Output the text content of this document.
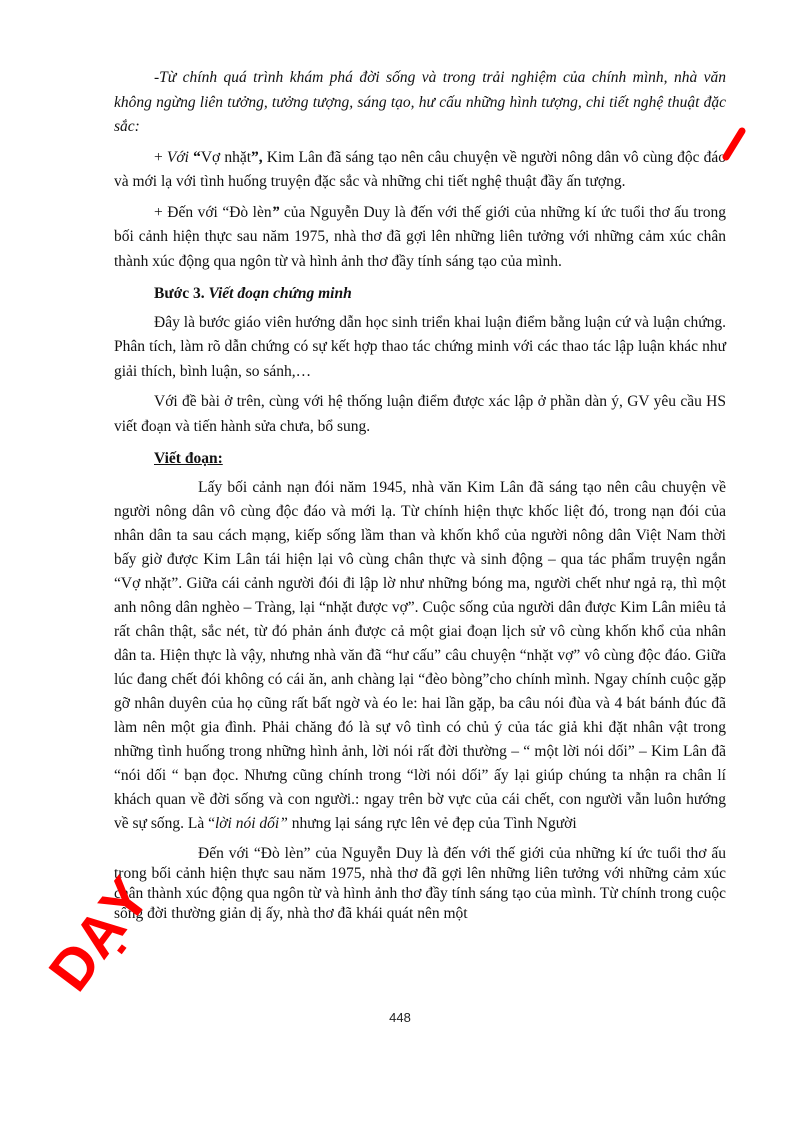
-Từ chính quá trình khám phá đời sống và trong trải nghiệm của chính mình, nhà văn không ngừng liên tưởng, tưởng tượng, sáng tạo, hư cấu những hình tượng, chi tiết nghệ thuật đặc sắc:

+ Với “Vợ nhặt”, Kim Lân đã sáng tạo nên câu chuyện về người nông dân vô cùng độc đáo và mới lạ với tình huống truyện đặc sắc và những chi tiết nghệ thuật đầy ấn tượng.

+ Đến với “Đò lèn” của Nguyễn Duy là đến với thế giới của những kí ức tuổi thơ ấu trong bối cảnh hiện thực sau năm 1975, nhà thơ đã gợi lên những liên tưởng với những cảm xúc chân thành xúc động qua ngôn từ và hình ảnh thơ đầy tính sáng tạo của mình.

Bước 3. Viết đoạn chứng minh

Đây là bước giáo viên hướng dẫn học sinh triển khai luận điểm bằng luận cứ và luận chứng. Phân tích, làm rõ dẫn chứng có sự kết hợp thao tác chứng minh với các thao tác lập luận khác như giải thích, bình luận, so sánh,…

Với đề bài ở trên, cùng với hệ thống luận điểm được xác lập ở phần dàn ý, GV yêu cầu HS viết đoạn và tiến hành sửa chưa, bổ sung.

Viết đoạn:

Lấy bối cảnh nạn đói năm 1945, nhà văn Kim Lân đã sáng tạo nên câu chuyện về người nông dân vô cùng độc đáo và mới lạ. Từ chính hiện thực khốc liệt đó, trong nạn đói của nhân dân ta sau cách mạng, kiếp sống lầm than và khốn khổ của người nông dân Việt Nam thời bấy giờ được Kim Lân tái hiện lại vô cùng chân thực và sinh động – qua tác phẩm truyện ngắn “Vợ nhặt”. Giữa cái cảnh người đói đi lập lờ như những bóng ma, người chết như ngả rạ, thì một anh nông dân nghèo – Tràng, lại “nhặt được vợ”. Cuộc sống của người dân được Kim Lân miêu tả rất chân thật, sắc nét, từ đó phản ánh được cả một giai đoạn lịch sử vô cùng khốn khổ của nhân dân ta. Hiện thực là vậy, nhưng nhà văn đã “hư cấu” câu chuyện “nhặt vợ” vô cùng độc đáo. Giữa lúc đang chết đói không có cái ăn, anh chàng lại “đèo bòng”cho chính mình. Ngay chính cuộc gặp gỡ nhân duyên của họ cũng rất bất ngờ và éo le: hai lần gặp, ba câu nói đùa và 4 bát bánh đúc đã làm nên một gia đình. Phải chăng đó là sự vô tình có chủ ý của tác giả khi đặt nhân vật trong những tình huống trong những hình ảnh, lời nói rất đời thường – “ một lời nói dối” – Kim Lân đã “nói dối “ bạn đọc. Nhưng cũng chính trong “lời nói dối” ấy lại giúp chúng ta nhận ra chân lí khách quan về đời sống và con người.: ngay trên bờ vực của cái chết, con người vẫn luôn hướng về sự sống. Là “lời nói dối” nhưng lại sáng rực lên vẻ đẹp của Tình Người

Đến với “Đò lèn” của Nguyễn Duy là đến với thế giới của những kí ức tuổi thơ ấu trong bối cảnh hiện thực sau năm 1975, nhà thơ đã gợi lên những liên tưởng với những cảm xúc chân thành xúc động qua ngôn từ và hình ảnh thơ đầy tính sáng tạo của mình. Từ chính trong cuộc sống đời thường giản dị ấy, nhà thơ đã khái quát nên một

448
DẠY
